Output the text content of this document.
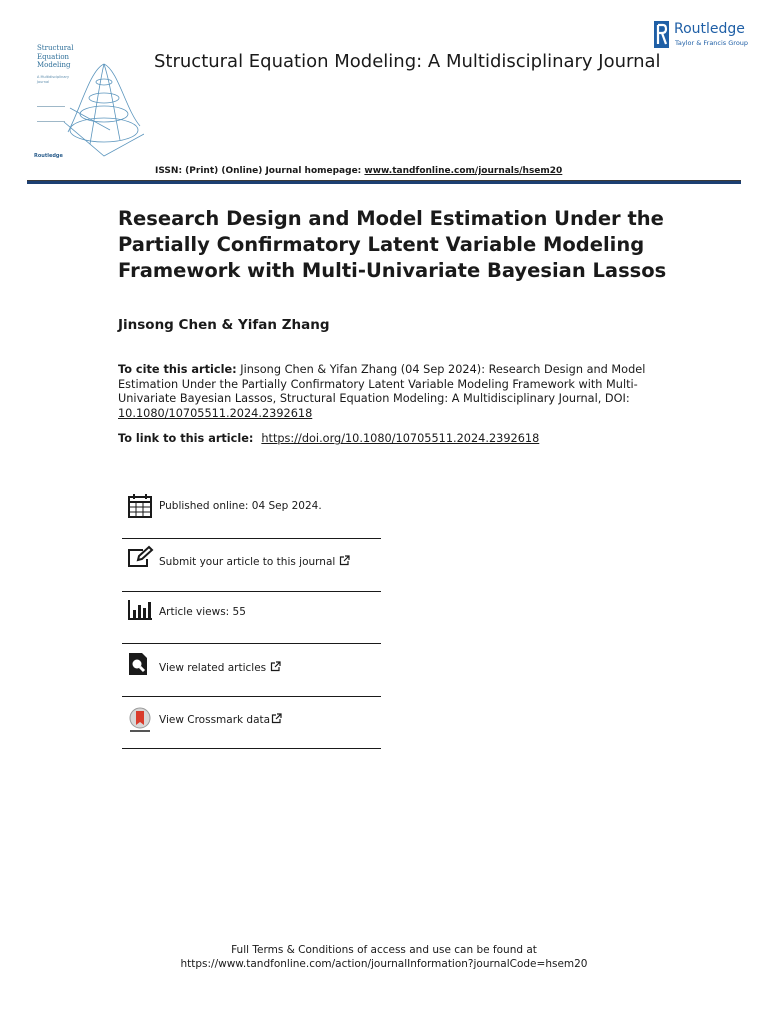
Structural
Equation
Modeling
A Multidisciplinary
Journal
Routledge
Structural Equation Modeling: A Multidisciplinary Journal
Routledge
Taylor & Francis Group
ISSN: (Print) (Online) Journal homepage: www.tandfonline.com/journals/hsem20
Research Design and Model Estimation Under the Partially Confirmatory Latent Variable Modeling Framework with Multi-Univariate Bayesian Lassos
Jinsong Chen & Yifan Zhang
To cite this article: Jinsong Chen & Yifan Zhang (04 Sep 2024): Research Design and Model Estimation Under the Partially Confirmatory Latent Variable Modeling Framework with Multi-Univariate Bayesian Lassos, Structural Equation Modeling: A Multidisciplinary Journal, DOI: 10.1080/10705511.2024.2392618
To link to this article: https://doi.org/10.1080/10705511.2024.2392618
Published online: 04 Sep 2024.
Submit your article to this journal
Article views: 55
View related articles
View Crossmark data
Full Terms & Conditions of access and use can be found at
https://www.tandfonline.com/action/journalInformation?journalCode=hsem20
